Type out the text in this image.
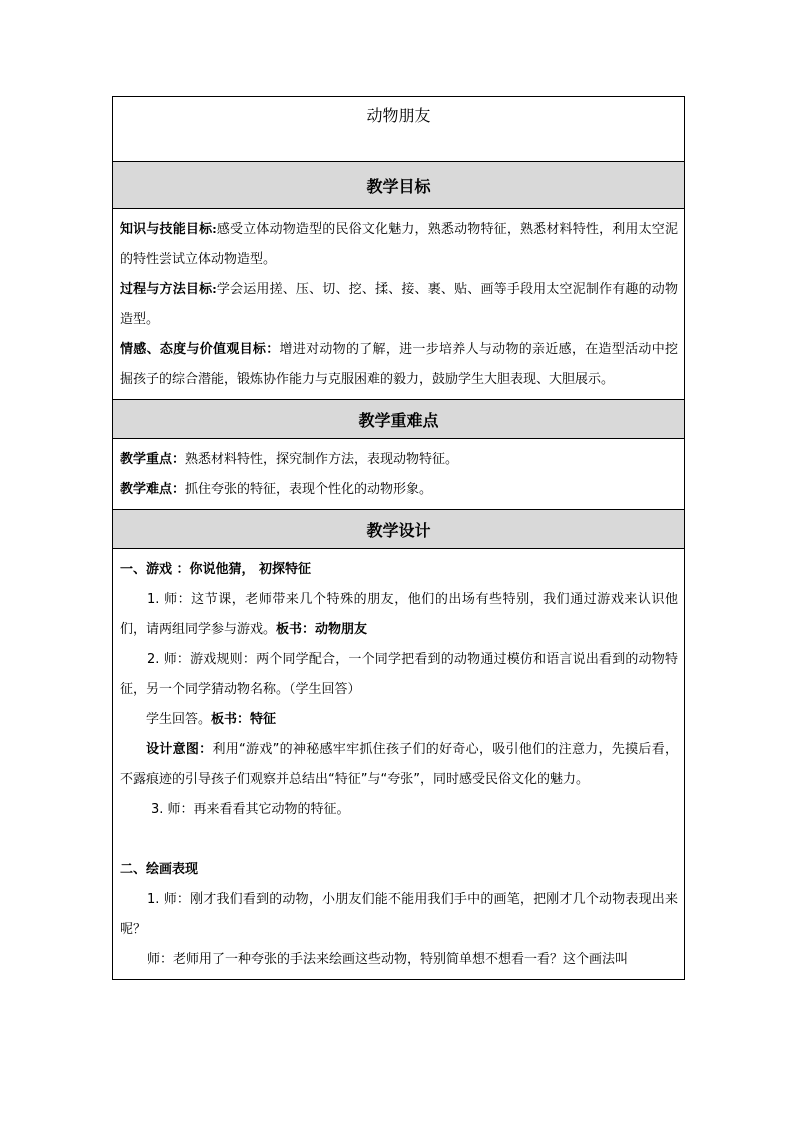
动物朋友
教学目标

知识与技能目标:感受立体动物造型的民俗文化魅力，熟悉动物特征，熟悉材料特性，利用太空泥的特性尝试立体动物造型。

过程与方法目标:学会运用搓、压、切、挖、揉、接、裹、贴、画等手段用太空泥制作有趣的动物造型。

情感、态度与价值观目标：增进对动物的了解，进一步培养人与动物的亲近感，在造型活动中挖掘孩子的综合潜能，锻炼协作能力与克服困难的毅力，鼓励学生大胆表现、大胆展示。

教学重难点

教学重点：熟悉材料特性，探究制作方法，表现动物特征。

教学难点：抓住夸张的特征，表现个性化的动物形象。

教学设计

一、游戏 ：你说他猜， 初探特征

1. 师：这节课，老师带来几个特殊的朋友，他们的出场有些特别，我们通过游戏来认识他们，请两组同学参与游戏。板书：动物朋友

2. 师：游戏规则：两个同学配合，一个同学把看到的动物通过模仿和语言说出看到的动物特征，另一个同学猜动物名称。（学生回答）

学生回答。板书：特征

设计意图：利用“游戏”的神秘感牢牢抓住孩子们的好奇心，吸引他们的注意力，先摸后看，不露痕迹的引导孩子们观察并总结出“特征”与“夸张”，同时感受民俗文化的魅力。

3. 师：再来看看其它动物的特征。

二、绘画表现

1. 师：刚才我们看到的动物，小朋友们能不能用我们手中的画笔，把刚才几个动物表现出来呢？

师：老师用了一种夸张的手法来绘画这些动物，特别简单想不想看一看？这个画法叫
